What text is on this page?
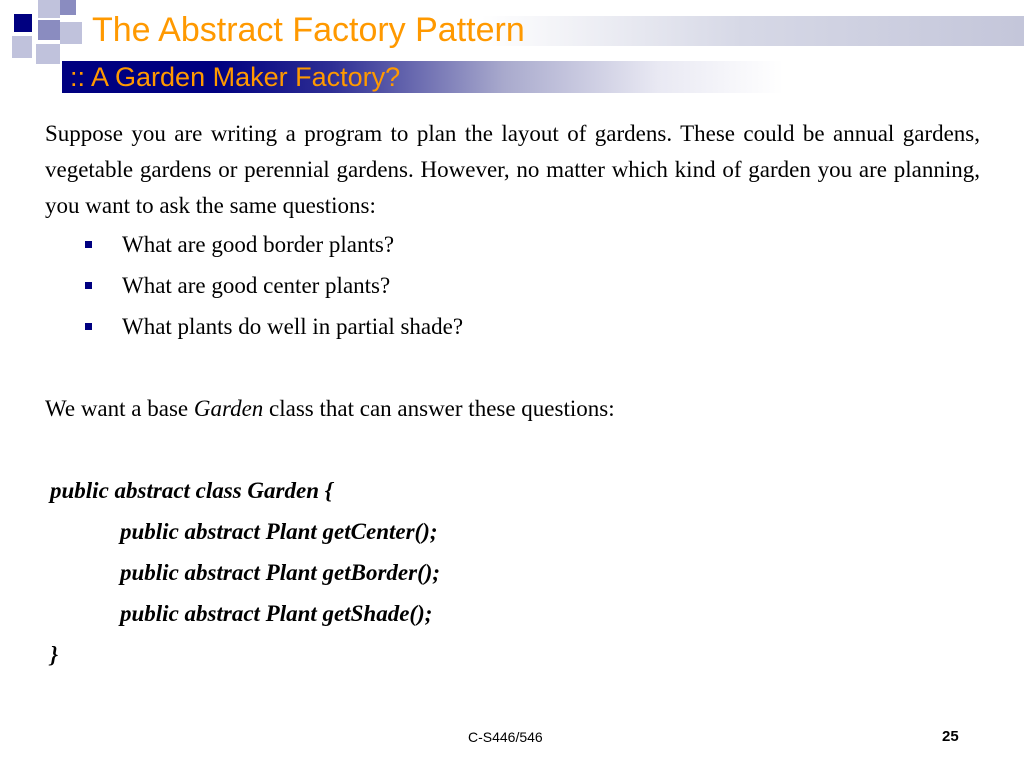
The Abstract Factory Pattern
:: A Garden Maker Factory?
Suppose you are writing a program to plan the layout of gardens. These could be annual gardens, vegetable gardens or perennial gardens. However, no matter which kind of garden you are planning, you want to ask the same questions:
What are good border plants?
What are good center plants?
What plants do well in partial shade?
We want a base Garden class that can answer these questions:
public abstract class Garden {
public abstract Plant getCenter();
public abstract Plant getBorder();
public abstract Plant getShade();
}
C-S446/546	25
